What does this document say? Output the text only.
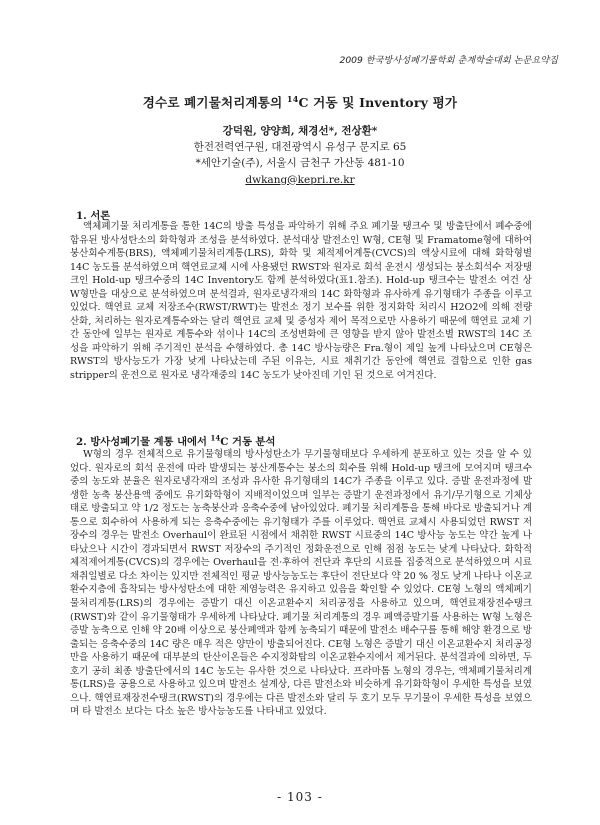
2009 한국방사성폐기물학회 춘계학술대회 논문요약집
경수로 폐기물처리계통의 $^{14}$C 거동 및 Inventory 평가
강덕원, 양양희, 채경선*, 전상환*
한전전력연구원, 대전광역시 유성구 문지로 65
*세안기술(주), 서울시 금천구 가산동 481-10
dwkang@kepri.re.kr
1. 서론

액체폐기물 처리계통을 통한 14C의 방출 특성을 파악하기 위해 주요 폐기물 탱크수 및 방출단에서 폐수중에 함유된 방사성탄소의 화학형과 조성을 분석하였다. 분석대상 발전소인 W형, CE형 및 Framatome형에 대하여 붕산회수계통(BRS), 액체폐기물처리계통(LRS), 화학 및 체적제어계통(CVCS)의 액상시료에 대해 화학형별 14C 농도를 분석하였으며 핵연료교체 시에 사용됐던 RWST와 원자로 회석 운전시 생성되는 붕소회석수 저장탱크인 Hold-up 탱크수중의 14C Inventory도 함께 분석하였다(표1.참조). Hold-up 탱크수는 발전소 여건 상 W형만을 대상으로 분석하였으며 분석결과, 원자로냉각재의 14C 화학형과 유사하게 유기형태가 주종을 이루고 있었다. 핵연료 교체 저장조수(RWST/RWT)는 발전소 정기 보수를 위한 정지화학 처리시 H2O2에 의해 전량 산화, 처리하는 원자로계통수와는 달리 핵연료 교체 및 중성자 제어 목적으로만 사용하기 때문에 핵연료 교체 기간 동안에 일부는 원자로 계통수와 섞이나 14C의 조성변화에 큰 영향을 받지 않아 발전소별 RWST의 14C 조성을 파악하기 위해 주기적인 분석을 수행하였다. 총 14C 방사능량은 Fra.형이 제일 높게 나타났으며 CE형은 RWST의 방사능도가 가장 낮게 나타났는데 주된 이유는, 시료 채취기간 동안에 핵연료 결함으로 인한 gas stripper의 운전으로 원자로 냉각재중의 14C 농도가 낮아진데 기인 된 것으로 여겨진다.

2. 방사성폐기물 계통 내에서 $^{14}$C 거동 분석

W형의 경우 전체적으로 유기물형태의 방사성탄소가 무기물형태보다 우세하게 분포하고 있는 것을 알 수 있었다. 원자로의 회석 운전에 따라 발생되는 붕산계통수는 붕소의 회수를 위해 Hold-up 탱크에 모여지며 탱크수중의 농도와 분율은 원자로냉각재의 조성과 유사한 유기형태의 14C가 주종을 이루고 있다. 증발 운전과정에 발생한 농축 붕산용액 중에도 유기화학형이 지배적이었으며 일부는 증발기 운전과정에서 유기/무기형으로 기체상태로 방출되고 약 1/2 정도는 농축붕산과 응축수중에 남아있었다. 폐기물 처리계통을 통해 바다로 방출되거나 계통으로 회수하여 사용하게 되는 응축수중에는 유기형태가 주를 이루었다. 핵연료 교체시 사용되었던 RWST 저장수의 경우는 발전소 Overhaul이 완료된 시점에서 채취한 RWST 시료중의 14C 방사능 농도는 약간 높게 나타났으나 시간이 경과되면서 RWST 저장수의 주기적인 정화운전으로 인해 점점 농도는 낮게 나타났다. 화학적체적제어계통(CVCS)의 경우에는 Overhaul을 전·후하여 전단과 후단의 시료를 집중적으로 분석하였으며 시료 채취일별로 다소 차이는 있지만 전체적인 평균 방사능농도는 후단이 전단보다 약 20 % 정도 낮게 나타나 이온교환수지층에 흡착되는 방사성탄소에 대한 제염능력은 유지하고 있음을 확인할 수 있었다. CE형 노형의 액체폐기물처리계통(LRS)의 경우에는 증발기 대신 이온교환수지 처리공정을 사용하고 있으며, 핵연료재장전수탱크(RWST)와 같이 유기물형태가 우세하게 나타났다. 폐기물 처리계통의 경우 폐액증발기를 사용하는 W형 노형은 증발 농축으로 인해 약 20배 이상으로 붕산폐액과 함께 농축되기 때문에 발전소 배수구를 통해 해양 환경으로 방출되는 응축수중의 14C 량은 매우 적은 양만이 방출되어진다. CE형 노형은 증발기 대신 이온교환수지 처리공정만을 사용하기 때문에 대부분의 탄산이온들은 수지정화탑의 이온교환수지에서 제거된다. 분석결과에 의하면, 두 호기 공히 최종 방출단에서의 14C 농도는 유사한 것으로 나타났다. 프라마톰 노형의 경우는, 액체폐기물처리계통(LRS)을 공용으로 사용하고 있으며 발전소 설계상, 다른 발전소와 비슷하게 유기화학형이 우세한 특성을 보였으나. 핵연료재장전수탱크(RWST)의 경우에는 다른 발전소와 달리 두 호기 모두 무기물이 우세한 특성을 보였으며 타 발전소 보다는 다소 높은 방사능농도를 나타내고 있었다.

- 103 -
